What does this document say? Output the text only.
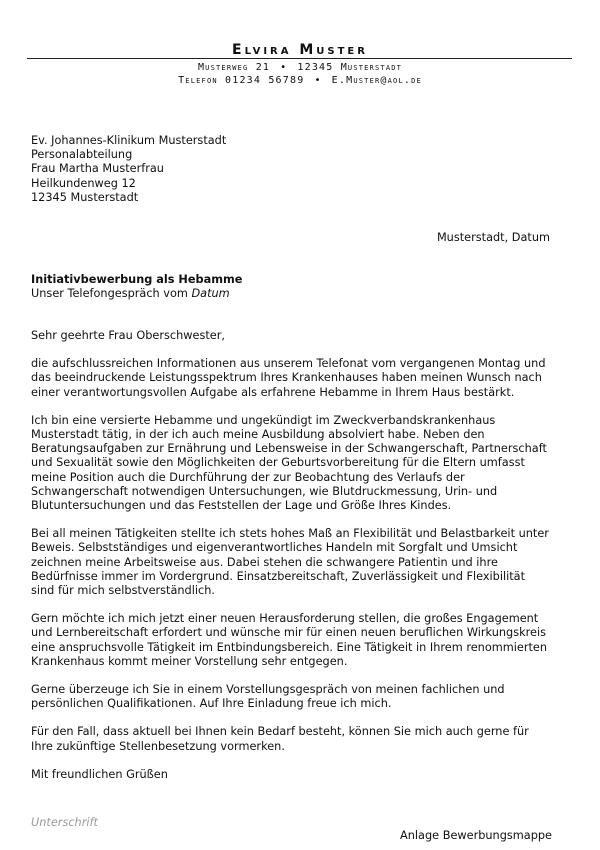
Elvira Muster
Musterweg 21 • 12345 Musterstadt
Telefon 01234 56789 • E.Muster@aol.de
Ev. Johannes-Klinikum Musterstadt
Personalabteilung
Frau Martha Musterfrau
Heilkundenweg 12
12345 Musterstadt
Musterstadt, Datum
Initiativbewerbung als Hebamme
Unser Telefongespräch vom Datum

Sehr geehrte Frau Oberschwester,

die aufschlussreichen Informationen aus unserem Telefonat vom vergangenen Montag und das beeindruckende Leistungsspektrum Ihres Krankenhauses haben meinen Wunsch nach einer verantwortungsvollen Aufgabe als erfahrene Hebamme in Ihrem Haus bestärkt.

Ich bin eine versierte Hebamme und ungekündigt im Zweckverbandskrankenhaus Musterstadt tätig, in der ich auch meine Ausbildung absolviert habe. Neben den Beratungsaufgaben zur Ernährung und Lebensweise in der Schwangerschaft, Partnerschaft und Sexualität sowie den Möglichkeiten der Geburtsvorbereitung für die Eltern umfasst meine Position auch die Durchführung der zur Beobachtung des Verlaufs der Schwangerschaft notwendigen Untersuchungen, wie Blutdruckmessung, Urin- und Blutuntersuchungen und das Feststellen der Lage und Größe Ihres Kindes.

Bei all meinen Tätigkeiten stellte ich stets hohes Maß an Flexibilität und Belastbarkeit unter Beweis. Selbstständiges und eigenverantwortliches Handeln mit Sorgfalt und Umsicht zeichnen meine Arbeitsweise aus. Dabei stehen die schwangere Patientin und ihre Bedürfnisse immer im Vordergrund. Einsatzbereitschaft, Zuverlässigkeit und Flexibilität sind für mich selbstverständlich.

Gern möchte ich mich jetzt einer neuen Herausforderung stellen, die großes Engagement und Lernbereitschaft erfordert und wünsche mir für einen neuen beruflichen Wirkungskreis eine anspruchsvolle Tätigkeit im Entbindungsbereich. Eine Tätigkeit in Ihrem renommierten Krankenhaus kommt meiner Vorstellung sehr entgegen.

Gerne überzeuge ich Sie in einem Vorstellungsgespräch von meinen fachlichen und persönlichen Qualifikationen. Auf Ihre Einladung freue ich mich.

Für den Fall, dass aktuell bei Ihnen kein Bedarf besteht, können Sie mich auch gerne für Ihre zukünftige Stellenbesetzung vormerken.

Mit freundlichen Grüßen

Unterschrift
Anlage Bewerbungsmappe
